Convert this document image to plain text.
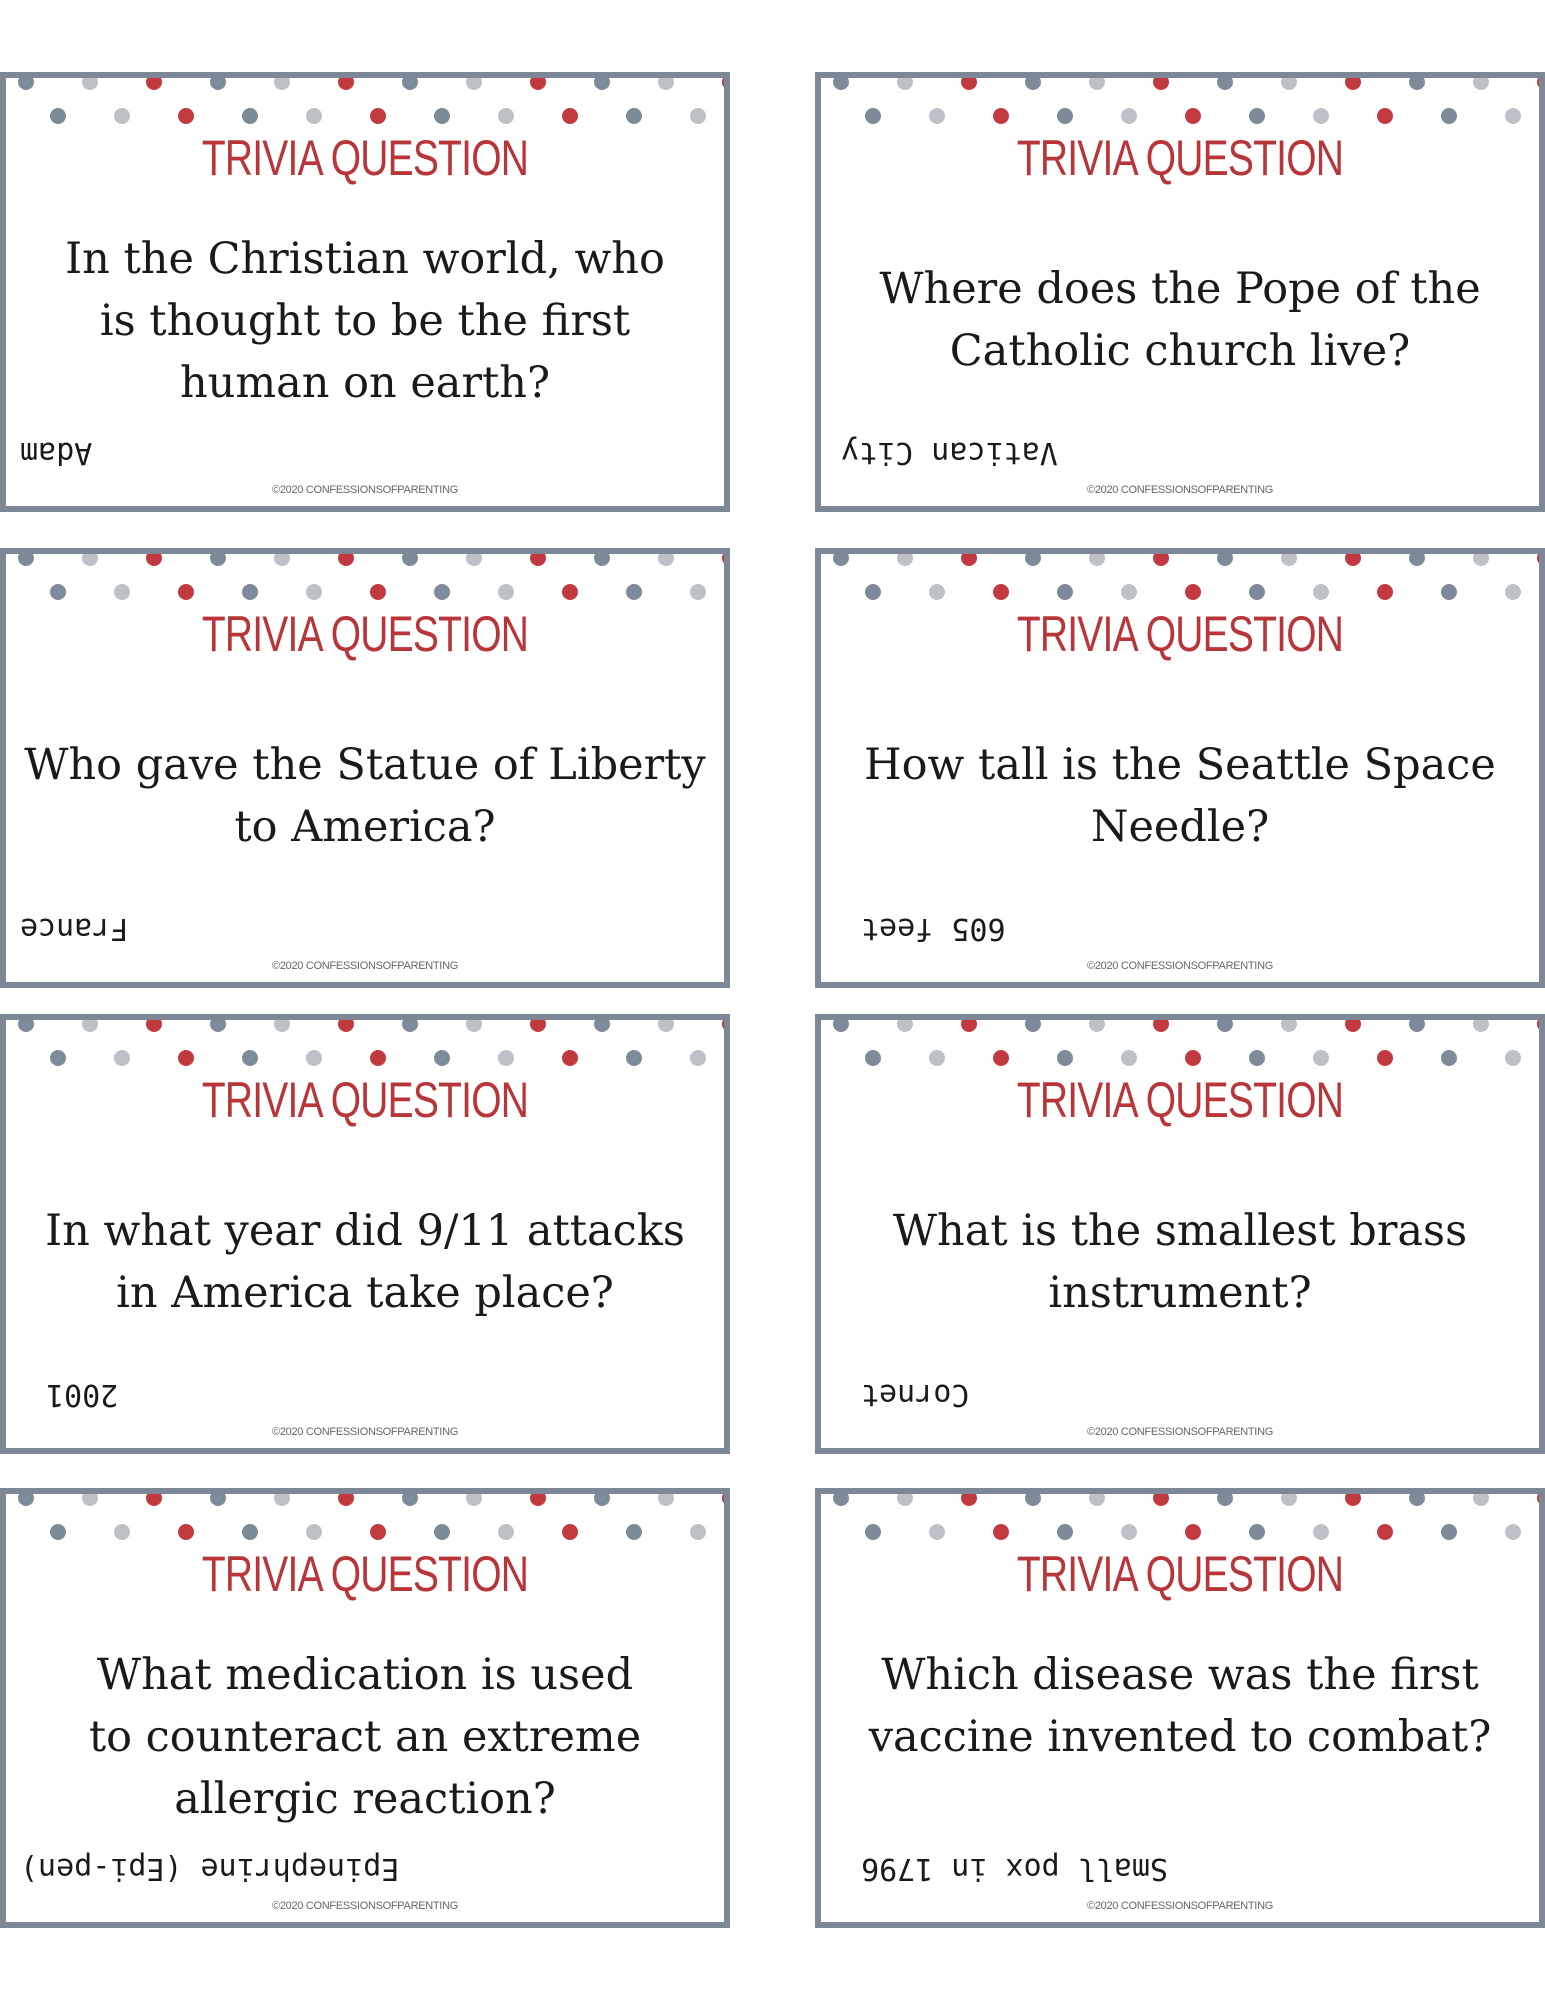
TRIVIA QUESTION
In the Christian world, who is thought to be the first human on earth?
Adam
©2020 CONFESSIONSOFPARENTING
TRIVIA QUESTION
Where does the Pope of the Catholic church live?
Vatican City
©2020 CONFESSIONSOFPARENTING
TRIVIA QUESTION
Who gave the Statue of Liberty to America?
France
©2020 CONFESSIONSOFPARENTING
TRIVIA QUESTION
How tall is the Seattle Space Needle?
605 feet
©2020 CONFESSIONSOFPARENTING
TRIVIA QUESTION
In what year did 9/11 attacks in America take place?
2001
©2020 CONFESSIONSOFPARENTING
TRIVIA QUESTION
What is the smallest brass instrument?
Cornet
©2020 CONFESSIONSOFPARENTING
TRIVIA QUESTION
What medication is used to counteract an extreme allergic reaction?
Epinephrine (Epi-pen)
©2020 CONFESSIONSOFPARENTING
TRIVIA QUESTION
Which disease was the first vaccine invented to combat?
Small pox in 1796
©2020 CONFESSIONSOFPARENTING
